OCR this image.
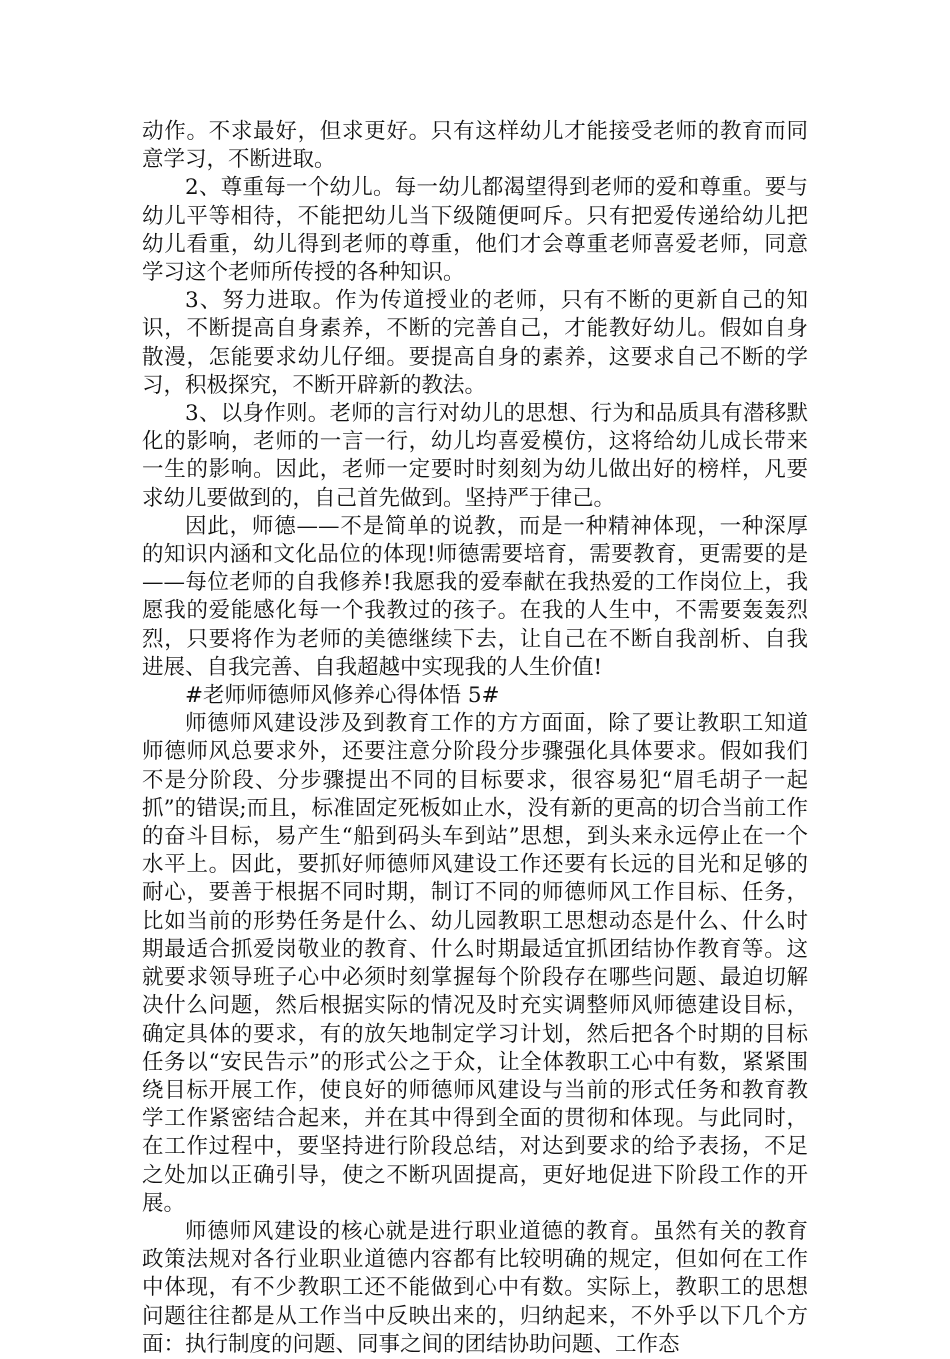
动作。不求最好，但求更好。只有这样幼儿才能接受老师的教育而同意学习，不断进取。

2、尊重每一个幼儿。每一幼儿都渴望得到老师的爱和尊重。要与幼儿平等相待，不能把幼儿当下级随便呵斥。只有把爱传递给幼儿把幼儿看重，幼儿得到老师的尊重，他们才会尊重老师喜爱老师，同意学习这个老师所传授的各种知识。

3、努力进取。作为传道授业的老师，只有不断的更新自己的知识，不断提高自身素养，不断的完善自己，才能教好幼儿。假如自身散漫，怎能要求幼儿仔细。要提高自身的素养，这要求自己不断的学习，积极探究，不断开辟新的教法。

3、以身作则。老师的言行对幼儿的思想、行为和品质具有潜移默化的影响，老师的一言一行，幼儿均喜爱模仿，这将给幼儿成长带来一生的影响。因此，老师一定要时时刻刻为幼儿做出好的榜样，凡要求幼儿要做到的，自己首先做到。坚持严于律己。

因此，师德——不是简单的说教，而是一种精神体现，一种深厚的知识内涵和文化品位的体现!师德需要培育，需要教育，更需要的是——每位老师的自我修养!我愿我的爱奉献在我热爱的工作岗位上，我愿我的爱能感化每一个我教过的孩子。在我的人生中，不需要轰轰烈烈，只要将作为老师的美德继续下去，让自己在不断自我剖析、自我进展、自我完善、自我超越中实现我的人生价值!

#老师师德师风修养心得体悟 5#

师德师风建设涉及到教育工作的方方面面，除了要让教职工知道师德师风总要求外，还要注意分阶段分步骤强化具体要求。假如我们不是分阶段、分步骤提出不同的目标要求，很容易犯“眉毛胡子一起抓”的错误;而且，标准固定死板如止水，没有新的更高的切合当前工作的奋斗目标，易产生“船到码头车到站”思想，到头来永远停止在一个水平上。因此，要抓好师德师风建设工作还要有长远的目光和足够的耐心，要善于根据不同时期，制订不同的师德师风工作目标、任务，比如当前的形势任务是什么、幼儿园教职工思想动态是什么、什么时期最适合抓爱岗敬业的教育、什么时期最适宜抓团结协作教育等。这就要求领导班子心中必须时刻掌握每个阶段存在哪些问题、最迫切解决什么问题，然后根据实际的情况及时充实调整师风师德建设目标，确定具体的要求，有的放矢地制定学习计划，然后把各个时期的目标任务以“安民告示”的形式公之于众，让全体教职工心中有数，紧紧围绕目标开展工作，使良好的师德师风建设与当前的形式任务和教育教学工作紧密结合起来，并在其中得到全面的贯彻和体现。与此同时，在工作过程中，要坚持进行阶段总结，对达到要求的给予表扬，不足之处加以正确引导，使之不断巩固提高，更好地促进下阶段工作的开展。

师德师风建设的核心就是进行职业道德的教育。虽然有关的教育政策法规对各行业职业道德内容都有比较明确的规定，但如何在工作中体现，有不少教职工还不能做到心中有数。实际上，教职工的思想问题往往都是从工作当中反映出来的，归纳起来，不外乎以下几个方面：执行制度的问题、同事之间的团结协助问题、工作态
